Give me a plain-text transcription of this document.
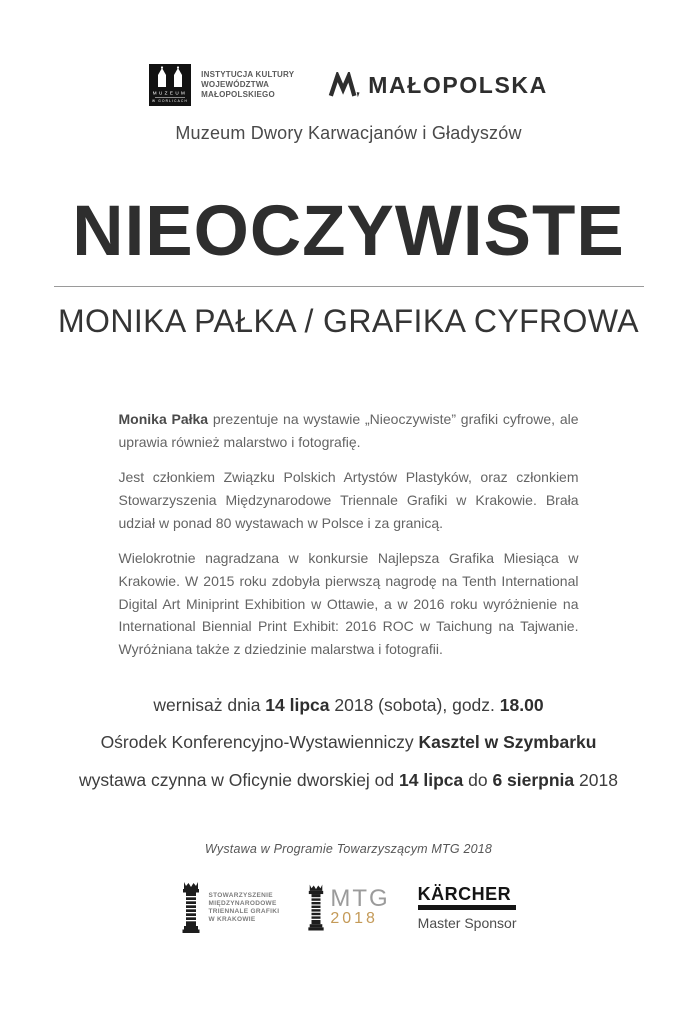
MUZEUM
W GORLICACH
INSTYTUCJA KULTURY
WOJEWÓDZTWA
MAŁOPOLSKIEGO	MAŁOPOLSKA
Muzeum Dwory Karwacjanów i Gładyszów
NIEOCZYWISTE
MONIKA PAŁKA / GRAFIKA CYFROWA

Monika Pałka prezentuje na wystawie „Nieoczywiste” grafiki cyfrowe, ale uprawia również malarstwo i fotografię.

Jest członkiem Związku Polskich Artystów Plastyków, oraz członkiem Stowarzyszenia Międzynarodowe Triennale Grafiki w Krakowie. Brała udział w ponad 80 wystawach w Polsce i za granicą.

Wielokrotnie nagradzana w konkursie Najlepsza Grafika Miesiąca w Krakowie. W 2015 roku zdobyła pierwszą nagrodę na Tenth International Digital Art Miniprint Exhibition w Ottawie, a w 2016 roku wyróżnienie na International Biennial Print Exhibit: 2016 ROC w Taichung na Tajwanie. Wyróżniana także z dziedzinie malarstwa i fotografii.

wernisaż dnia 14 lipca 2018 (sobota), godz. 18.00
Ośrodek Konferencyjno-Wystawienniczy Kasztel w Szymbarku
wystawa czynna w Oficynie dworskiej od 14 lipca do 6 sierpnia 2018
Wystawa w Programie Towarzyszącym MTG 2018
STOWARZYSZENIE
MIĘDZYNARODOWE
TRIENNALE GRAFIKI
W KRAKOWIE
MTG
2018
KÄRCHER
Master Sponsor
